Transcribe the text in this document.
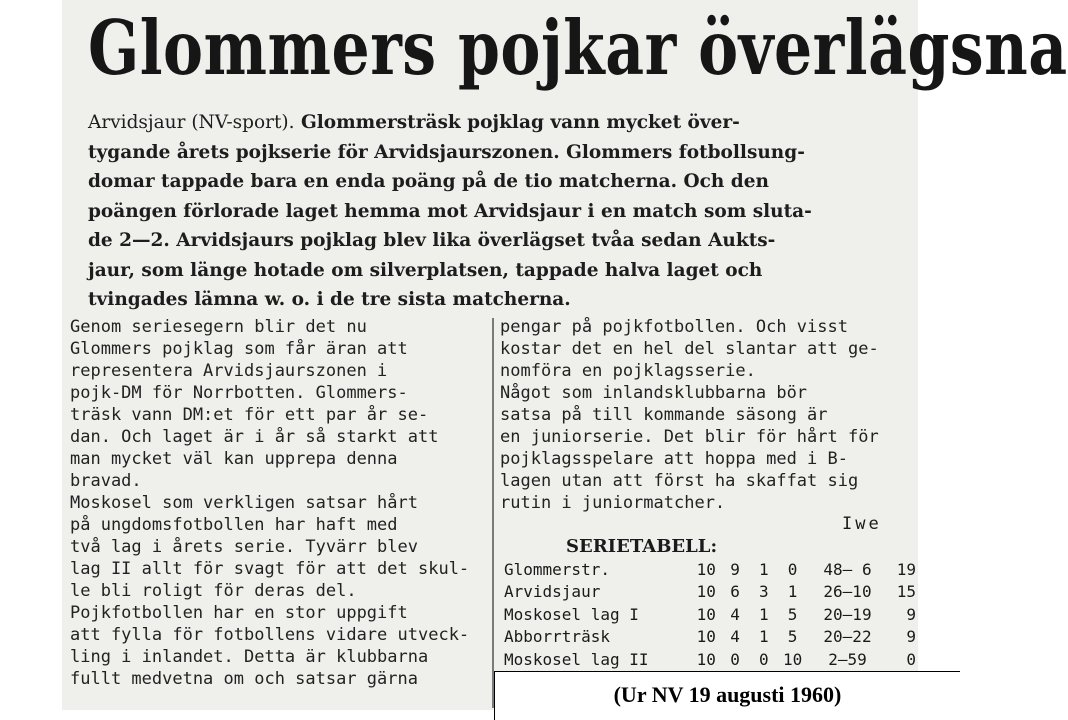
Glommers pojkar överlägsna
Arvidsjaur (NV-sport). Glommersträsk pojklag vann mycket över-
tygande årets pojkserie för Arvidsjaurszonen. Glommers fotbollsung-
domar tappade bara en enda poäng på de tio matcherna. Och den
poängen förlorade laget hemma mot Arvidsjaur i en match som sluta-
de 2—2. Arvidsjaurs pojklag blev lika överlägset tvåa sedan Aukts-
jaur, som länge hotade om silverplatsen, tappade halva laget och
tvingades lämna w. o. i de tre sista matcherna.
Genom seriesegern blir det nu
Glommers pojklag som får äran att
representera Arvidsjaurszonen i
pojk-DM för Norrbotten. Glommers-
träsk vann DM:et för ett par år se-
dan. Och laget är i år så starkt att
man mycket väl kan upprepa denna
bravad.
Moskosel som verkligen satsar hårt
på ungdomsfotbollen har haft med
två lag i årets serie. Tyvärr blev
lag II allt för svagt för att det skul-
le bli roligt för deras del.
Pojkfotbollen har en stor uppgift
att fylla för fotbollens vidare utveck-
ling i inlandet. Detta är klubbarna
fullt medvetna om och satsar gärna
pengar på pojkfotbollen. Och visst
kostar det en hel del slantar att ge-
nomföra en pojklagsserie.
Något som inlandsklubbarna bör
satsa på till kommande säsong är
en juniorserie. Det blir för hårt för
pojklagsspelare att hoppa med i B-
lagen utan att först ha skaffat sig
rutin i juniormatcher.
Iwe
SERIETABELL:
Glommerstr.	10	9	1	0	48— 6	19
Arvidsjaur	10	6	3	1	26—10	15
Moskosel lag I	10	4	1	5	20—19	9
Abborrträsk	10	4	1	5	20—22	9
Moskosel lag II	10	0	0	10	2—59	0
(Ur NV 19 augusti 1960)
